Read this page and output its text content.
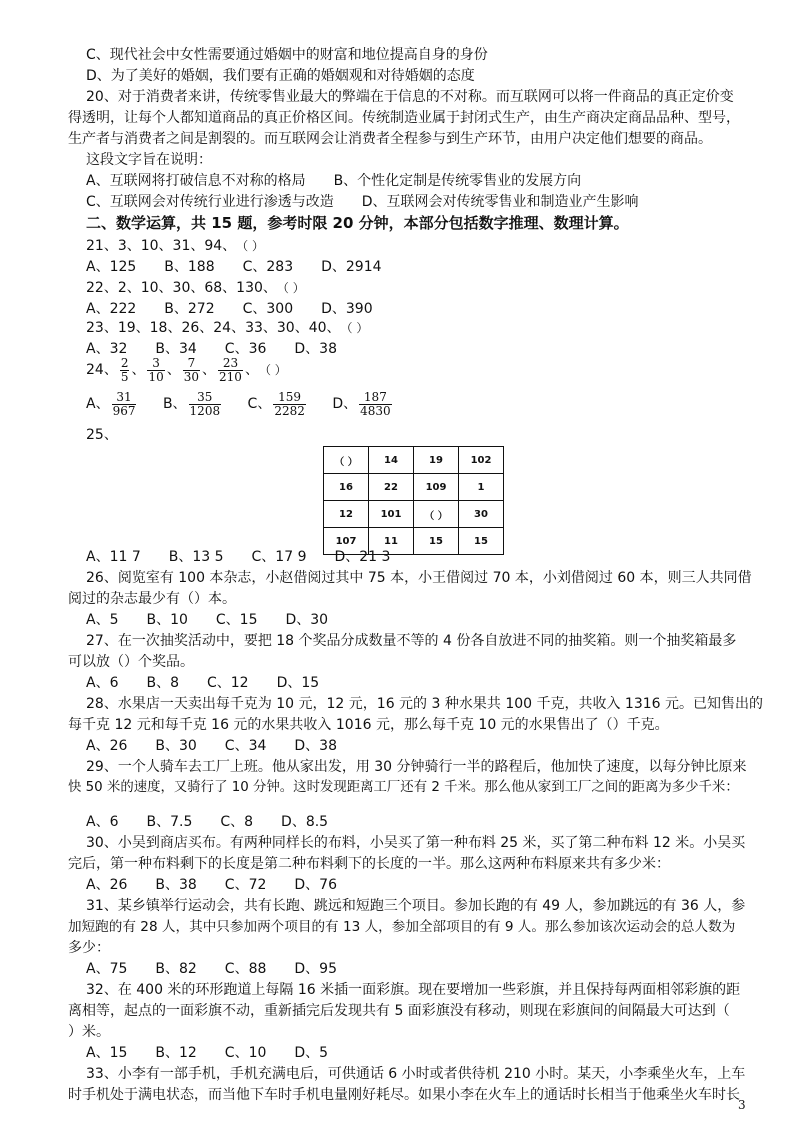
C、现代社会中女性需要通过婚姻中的财富和地位提高自身的身份
D、为了美好的婚姻，我们要有正确的婚姻观和对待婚姻的态度
20、对于消费者来讲，传统零售业最大的弊端在于信息的不对称。而互联网可以将一件商品的真正定价变
得透明，让每个人都知道商品的真正价格区间。传统制造业属于封闭式生产，由生产商决定商品品种、型号，
生产者与消费者之间是割裂的。而互联网会让消费者全程参与到生产环节，由用户决定他们想要的商品。
这段文字旨在说明：
A、互联网将打破信息不对称的格局　　B、个性化定制是传统零售业的发展方向
C、互联网会对传统行业进行渗透与改造　　D、互联网会对传统零售业和制造业产生影响
二、数学运算，共 15 题，参考时限 20 分钟，本部分包括数字推理、数理计算。
21、3、10、31、94、（ ）
A、125　　B、188　　C、283　　D、2914
22、2、10、30、68、130、（ ）
A、222　　B、272　　C、300　　D、390
23、19、18、26、24、33、30、40、（ ）
A、32　　B、34　　C、36　　D、38
24、 $\frac{2}{5}$ 、 $\frac{3}{10}$ 、 $\frac{7}{30}$ 、 $\frac{23}{210}$ 、（ ）
A、 $\frac{31}{967}$ B、 $\frac{35}{1208}$ C、 $\frac{159}{2282}$ D、 $\frac{187}{4830}$
25、
（ ）	14	19	102
16	22	109	1
12	101	（ ）	30
107	11	15	15
A、11 7　　B、13 5　　C、17 9　　D、21 3
26、阅览室有 100 本杂志，小赵借阅过其中 75 本，小王借阅过 70 本，小刘借阅过 60 本，则三人共同借
阅过的杂志最少有（）本。
A、5　　B、10　　C、15　　D、30
27、在一次抽奖活动中，要把 18 个奖品分成数量不等的 4 份各自放进不同的抽奖箱。则一个抽奖箱最多
可以放（）个奖品。
A、6　　B、8　　C、12　　D、15
28、水果店一天卖出每千克为 10 元，12 元，16 元的 3 种水果共 100 千克，共收入 1316 元。已知售出的
每千克 12 元和每千克 16 元的水果共收入 1016 元，那么每千克 10 元的水果售出了（）千克。
A、26　　B、30　　C、34　　D、38
29、一个人骑车去工厂上班。他从家出发，用 30 分钟骑行一半的路程后，他加快了速度，以每分钟比原来
快 50 米的速度，又骑行了 10 分钟。这时发现距离工厂还有 2 千米。那么他从家到工厂之间的距离为多少千米：
A、6　　B、7.5　　C、8　　D、8.5
30、小吴到商店买布。有两种同样长的布料，小吴买了第一种布料 25 米，买了第二种布料 12 米。小吴买
完后，第一种布料剩下的长度是第二种布料剩下的长度的一半。那么这两种布料原来共有多少米：
A、26　　B、38　　C、72　　D、76
31、某乡镇举行运动会，共有长跑、跳远和短跑三个项目。参加长跑的有 49 人，参加跳远的有 36 人，参
加短跑的有 28 人，其中只参加两个项目的有 13 人，参加全部项目的有 9 人。那么参加该次运动会的总人数为
多少：
A、75　　B、82　　C、88　　D、95
32、在 400 米的环形跑道上每隔 16 米插一面彩旗。现在要增加一些彩旗，并且保持每两面相邻彩旗的距
离相等，起点的一面彩旗不动，重新插完后发现共有 5 面彩旗没有移动，则现在彩旗间的间隔最大可达到（
）米。
A、15　　B、12　　C、10　　D、5
33、小李有一部手机，手机充满电后，可供通话 6 小时或者供待机 210 小时。某天，小李乘坐火车，上车
时手机处于满电状态，而当他下车时手机电量刚好耗尽。如果小李在火车上的通话时长相当于他乘坐火车时长
3
